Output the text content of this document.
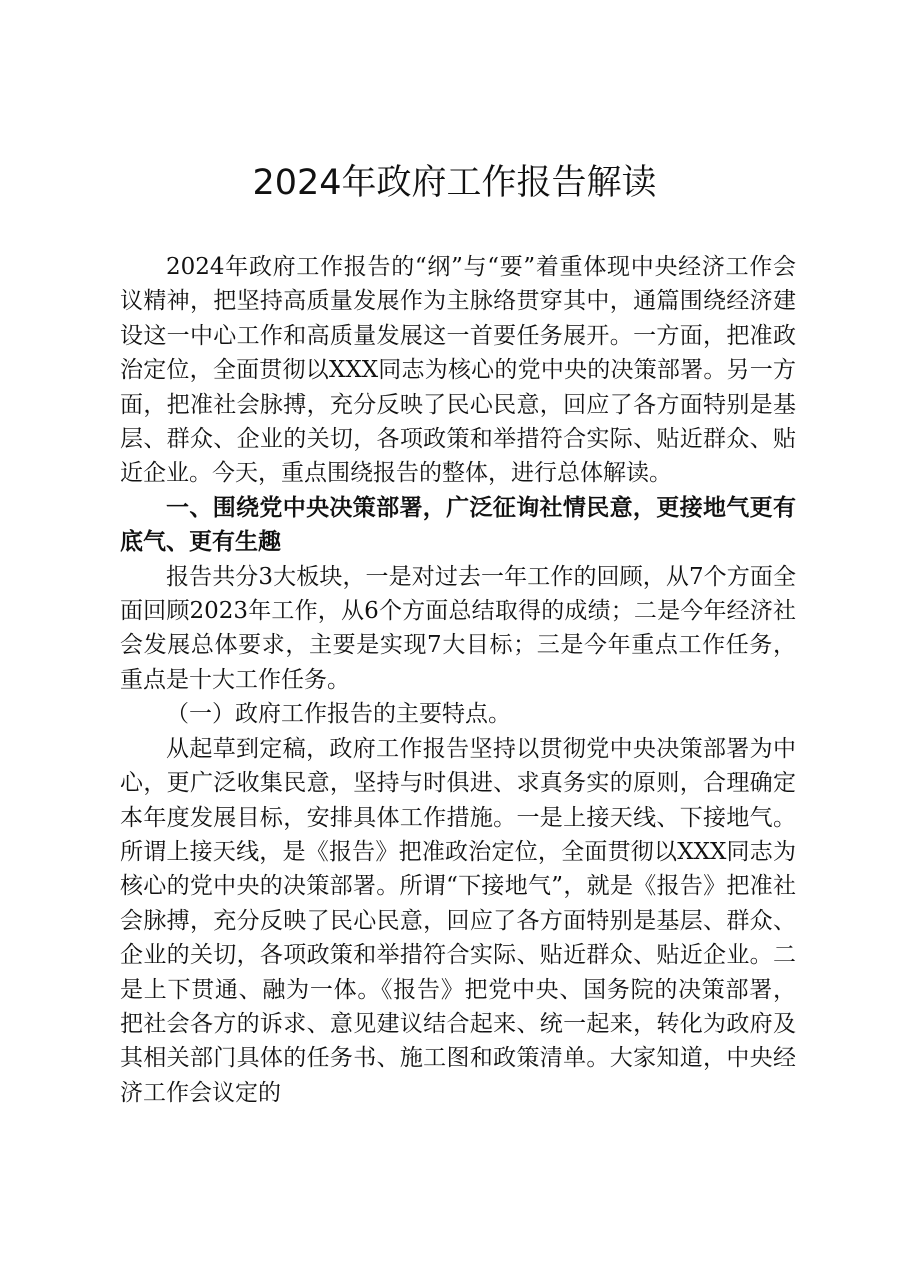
2024年政府工作报告解读

2024年政府工作报告的“纲”与“要”着重体现中央经济工作会议精神，把坚持高质量发展作为主脉络贯穿其中，通篇围绕经济建设这一中心工作和高质量发展这一首要任务展开。一方面，把准政治定位，全面贯彻以XXX同志为核心的党中央的决策部署。另一方面，把准社会脉搏，充分反映了民心民意，回应了各方面特别是基层、群众、企业的关切，各项政策和举措符合实际、贴近群众、贴近企业。今天，重点围绕报告的整体，进行总体解读。

一、围绕党中央决策部署，广泛征询社情民意，更接地气更有底气、更有生趣

报告共分3大板块，一是对过去一年工作的回顾，从7个方面全面回顾2023年工作，从6个方面总结取得的成绩；二是今年经济社会发展总体要求，主要是实现7大目标；三是今年重点工作任务，重点是十大工作任务。

（一）政府工作报告的主要特点。

从起草到定稿，政府工作报告坚持以贯彻党中央决策部署为中心，更广泛收集民意，坚持与时俱进、求真务实的原则，合理确定本年度发展目标，安排具体工作措施。一是上接天线、下接地气。所谓上接天线，是《报告》把准政治定位，全面贯彻以XXX同志为核心的党中央的决策部署。所谓“下接地气”，就是《报告》把准社会脉搏，充分反映了民心民意，回应了各方面特别是基层、群众、企业的关切，各项政策和举措符合实际、贴近群众、贴近企业。二是上下贯通、融为一体。《报告》把党中央、国务院的决策部署，把社会各方的诉求、意见建议结合起来、统一起来，转化为政府及其相关部门具体的任务书、施工图和政策清单。大家知道，中央经济工作会议定的
